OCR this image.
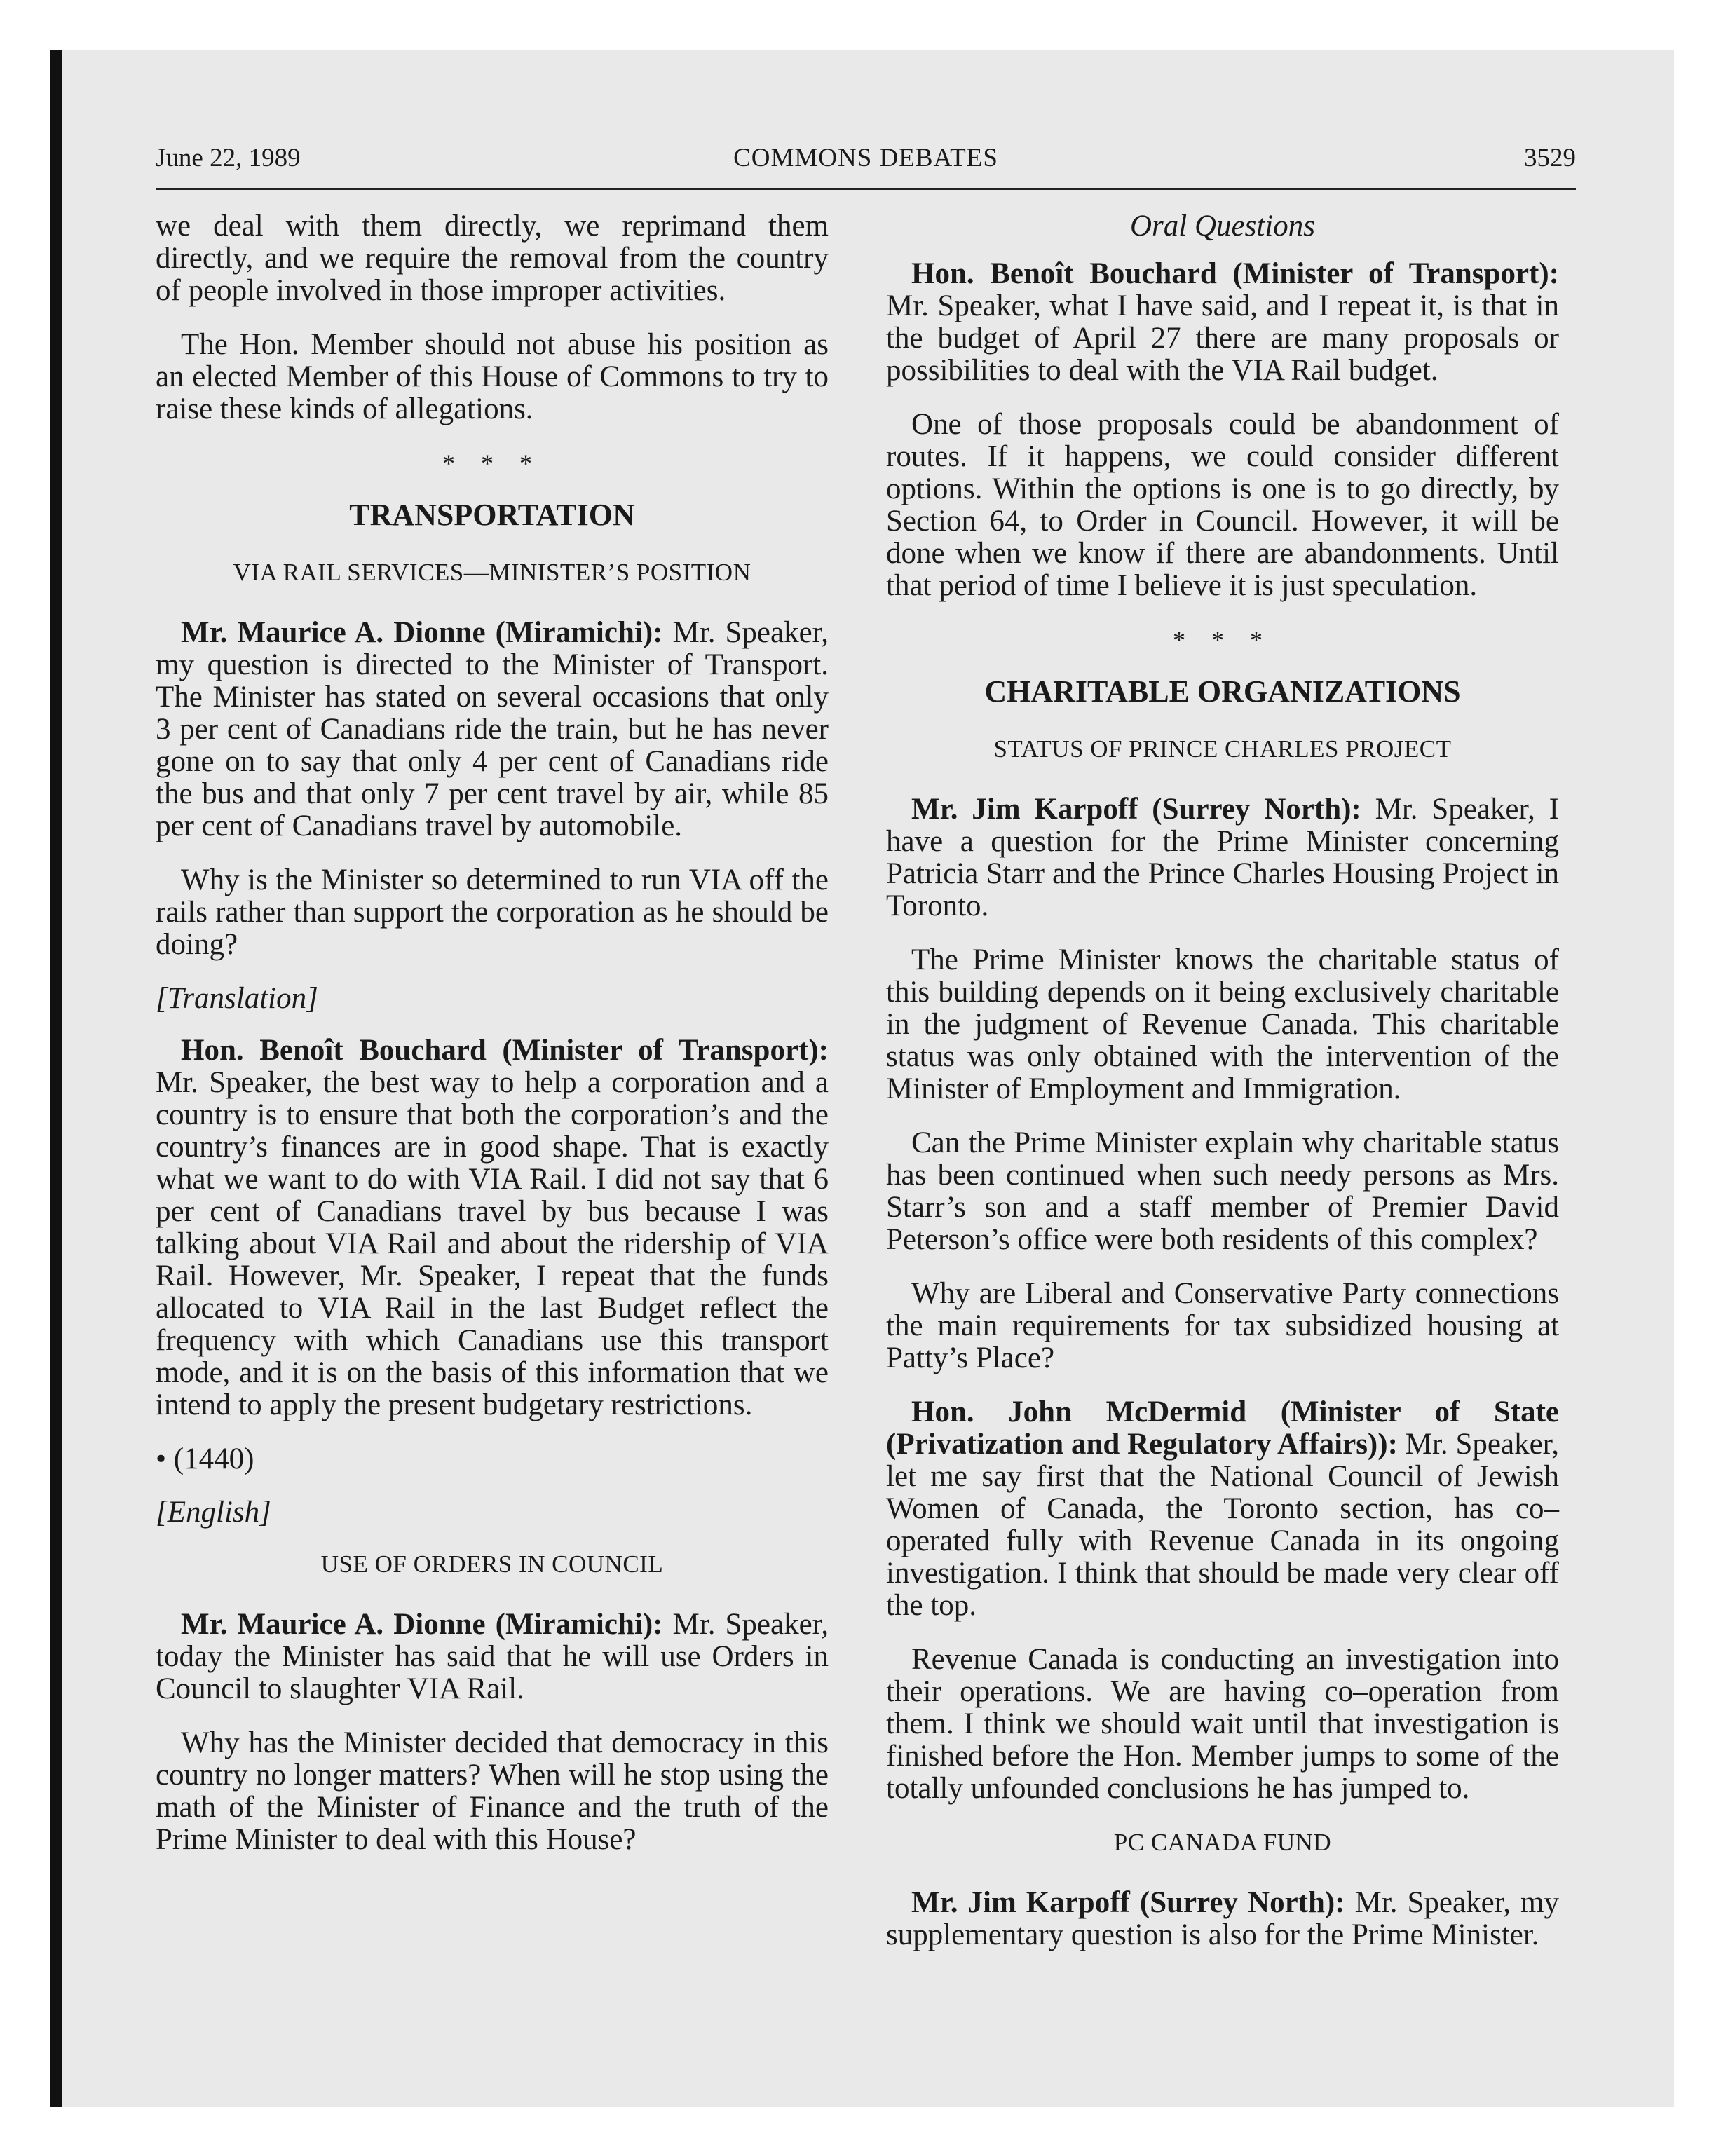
June 22, 1989	COMMONS DEBATES	3529

we deal with them directly, we reprimand them directly, and we require the removal from the country of people involved in those improper activities.

The Hon. Member should not abuse his position as an elected Member of this House of Commons to try to raise these kinds of allegations.

* * *
TRANSPORTATION
VIA RAIL SERVICES—MINISTER’S POSITION

Mr. Maurice A. Dionne (Miramichi): Mr. Speaker, my question is directed to the Minister of Transport. The Minister has stated on several occasions that only 3 per cent of Canadians ride the train, but he has never gone on to say that only 4 per cent of Canadians ride the bus and that only 7 per cent travel by air, while 85 per cent of Canadians travel by automobile.

Why is the Minister so determined to run VIA off the rails rather than support the corporation as he should be doing?

[Translation]

Hon. Benoît Bouchard (Minister of Transport): Mr. Speaker, the best way to help a corporation and a country is to ensure that both the corporation’s and the country’s finances are in good shape. That is exactly what we want to do with VIA Rail. I did not say that 6 per cent of Canadians travel by bus because I was talking about VIA Rail and about the ridership of VIA Rail. However, Mr. Speaker, I repeat that the funds allocated to VIA Rail in the last Budget reflect the frequency with which Canadians use this transport mode, and it is on the basis of this information that we intend to apply the present budgetary restrictions.

• (1440)
[English]
USE OF ORDERS IN COUNCIL

Mr. Maurice A. Dionne (Miramichi): Mr. Speaker, today the Minister has said that he will use Orders in Council to slaughter VIA Rail.

Why has the Minister decided that democracy in this country no longer matters? When will he stop using the math of the Minister of Finance and the truth of the Prime Minister to deal with this House?

Oral Questions

Hon. Benoît Bouchard (Minister of Transport): Mr. Speaker, what I have said, and I repeat it, is that in the budget of April 27 there are many proposals or possibilities to deal with the VIA Rail budget.

One of those proposals could be abandonment of routes. If it happens, we could consider different options. Within the options is one is to go directly, by Section 64, to Order in Council. However, it will be done when we know if there are abandonments. Until that period of time I believe it is just speculation.

* * *
CHARITABLE ORGANIZATIONS
STATUS OF PRINCE CHARLES PROJECT

Mr. Jim Karpoff (Surrey North): Mr. Speaker, I have a question for the Prime Minister concerning Patricia Starr and the Prince Charles Housing Project in Toronto.

The Prime Minister knows the charitable status of this building depends on it being exclusively charitable in the judgment of Revenue Canada. This charitable status was only obtained with the intervention of the Minister of Employment and Immigration.

Can the Prime Minister explain why charitable status has been continued when such needy persons as Mrs. Starr’s son and a staff member of Premier David Peterson’s office were both residents of this complex?

Why are Liberal and Conservative Party connections the main requirements for tax subsidized housing at Patty’s Place?

Hon. John McDermid (Minister of State (Privatization and Regulatory Affairs)): Mr. Speaker, let me say first that the National Council of Jewish Women of Canada, the Toronto section, has co–operated fully with Revenue Canada in its ongoing investigation. I think that should be made very clear off the top.

Revenue Canada is conducting an investigation into their operations. We are having co–operation from them. I think we should wait until that investigation is finished before the Hon. Member jumps to some of the totally unfounded conclusions he has jumped to.

PC CANADA FUND

Mr. Jim Karpoff (Surrey North): Mr. Speaker, my supplementary question is also for the Prime Minister.
